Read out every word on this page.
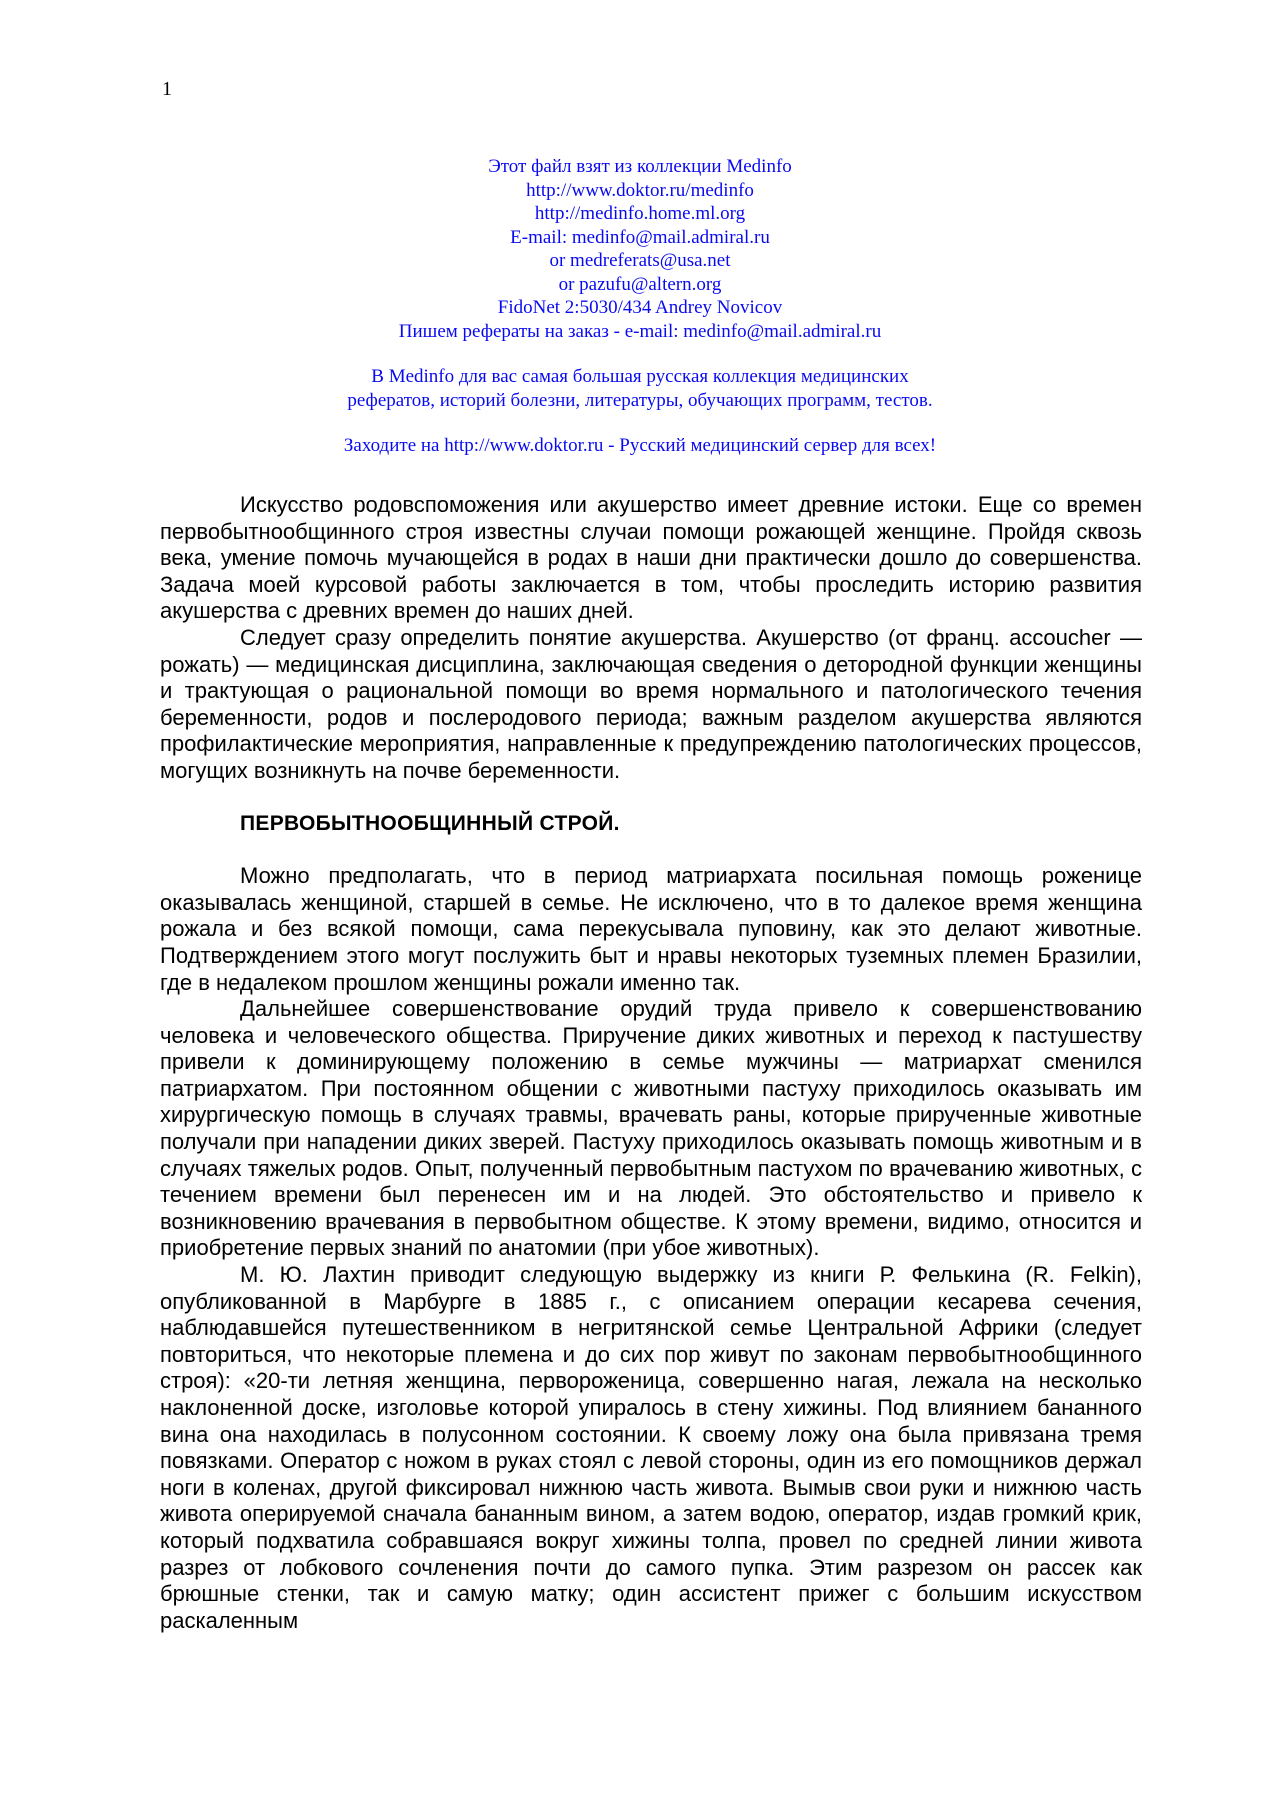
1
Этот файл взят из коллекции Medinfo
http://www.doktor.ru/medinfo
http://medinfo.home.ml.org
E-mail: medinfo@mail.admiral.ru
or medreferats@usa.net
or pazufu@altern.org
FidoNet 2:5030/434 Andrey Novicov
Пишем рефераты на заказ - e-mail: medinfo@mail.admiral.ru
В Medinfo для вас самая большая русская коллекция медицинских
рефератов, историй болезни, литературы, обучающих программ, тестов.
Заходите на http://www.doktor.ru - Русский медицинский сервер для всех!

Искусство родовспоможения или акушерство имеет древние истоки. Еще со времен первобытнообщинного строя известны случаи помощи рожающей женщине. Пройдя сквозь века, умение помочь мучающейся в родах в наши дни практически дошло до совершенства. Задача моей курсовой работы заключается в том, чтобы проследить историю развития акушерства с древних времен до наших дней.

Следует сразу определить понятие акушерства. Акушерство (от франц. accoucher — рожать) — медицинская дисциплина, заключающая сведения о детородной функции женщины и трактующая о рациональной помощи во время нормального и патологического течения беременности, родов и послеродового периода; важным разделом акушерства являются профилактические мероприятия, направленные к предупреждению патологических процессов, могущих возникнуть на почве беременности.

ПЕРВОБЫТНООБЩИННЫЙ СТРОЙ.

Можно предполагать, что в период матриархата посильная помощь роженице оказывалась женщиной, старшей в семье. Не исключено, что в то далекое время женщина рожала и без всякой помощи, сама перекусывала пуповину, как это делают животные. Подтверждением этого могут послужить быт и нравы некоторых туземных племен Бразилии, где в недалеком прошлом женщины рожали именно так.

Дальнейшее совершенствование орудий труда привело к совершенствованию человека и человеческого общества. Приручение диких животных и переход к пастушеству привели к доминирующему положению в семье мужчины — матриархат сменился патриархатом. При постоянном общении с животными пастуху приходилось оказывать им хирургическую помощь в случаях травмы, врачевать раны, которые прирученные животные получали при нападении диких зверей. Пастуху приходилось оказывать помощь животным и в случаях тяжелых родов. Опыт, полученный первобытным пастухом по врачеванию животных, с течением времени был перенесен им и на людей. Это обстоятельство и привело к возникновению врачевания в первобытном обществе. К этому времени, видимо, относится и приобретение первых знаний по анатомии (при убое животных).

М. Ю. Лахтин приводит следующую выдержку из книги Р. Фелькина (R. Felkin), опубликованной в Марбурге в 1885 г., с описанием операции кесарева сечения, наблюдавшейся путешественником в негритянской семье Центральной Африки (следует повториться, что некоторые племена и до сих пор живут по законам первобытнообщинного строя): «20-ти летняя женщина, первороженица, совершенно нагая, лежала на несколько наклоненной доске, изголовье которой упиралось в стену хижины. Под влиянием бананного вина она находилась в полусонном состоянии. К своему ложу она была привязана тремя повязками. Оператор с ножом в руках стоял с левой стороны, один из его помощников держал ноги в коленах, другой фиксировал нижнюю часть живота. Вымыв свои руки и нижнюю часть живота оперируемой сначала бананным вином, а затем водою, оператор, издав громкий крик, который подхватила собравшаяся вокруг хижины толпа, провел по средней линии живота разрез от лобкового сочленения почти до самого пупка. Этим разрезом он рассек как брюшные стенки, так и самую матку; один ассистент прижег с большим искусством раскаленным
